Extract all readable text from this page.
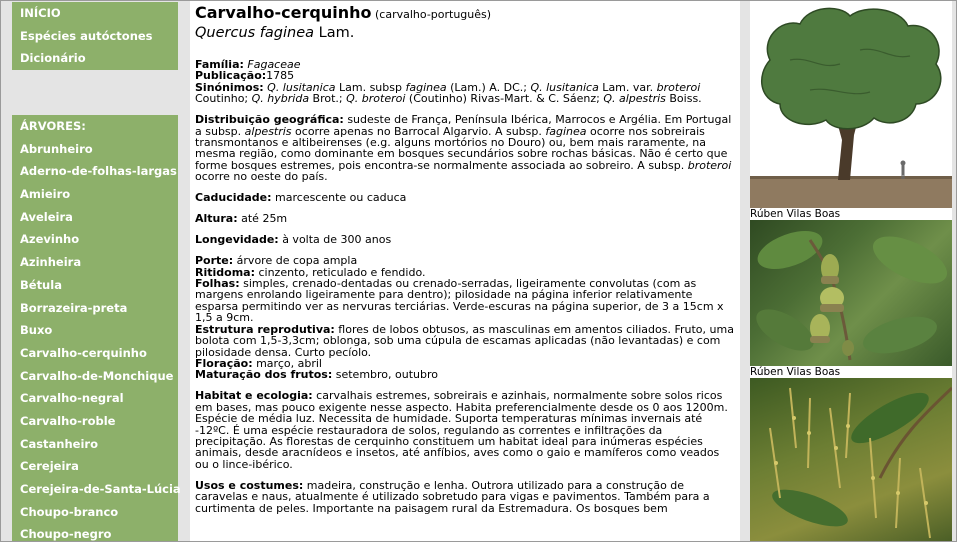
INÍCIO
Espécies autóctones
Dicionário
ÁRVORES:
Abrunheiro
Aderno-de-folhas-largas
Amieiro
Aveleira
Azevinho
Azinheira
Bétula
Borrazeira-preta
Buxo
Carvalho-cerquinho
Carvalho-de-Monchique
Carvalho-negral
Carvalho-roble
Castanheiro
Cerejeira
Cerejeira-de-Santa-Lúcia
Choupo-branco
Choupo-negro
Carvalho-cerquinho (carvalho-português)
Quercus faginea Lam.

Família: Fagaceae
Publicação:1785
Sinónimos: Q. lusitanica Lam. subsp faginea (Lam.) A. DC.; Q. lusitanica Lam. var. broteroi Coutinho; Q. hybrida Brot.; Q. broteroi (Coutinho) Rivas-Mart. & C. Sáenz; Q. alpestris Boiss.

Distribuição geográfica: sudeste de França, Península Ibérica, Marrocos e Argélia. Em Portugal a subsp. alpestris ocorre apenas no Barrocal Algarvio. A subsp. faginea ocorre nos sobreirais transmontanos e altibeirenses (e.g. alguns mortórios no Douro) ou, bem mais raramente, na mesma região, como dominante em bosques secundários sobre rochas básicas. Não é certo que forme bosques estremes, pois encontra-se normalmente associada ao sobreiro. A subsp. broteroi ocorre no oeste do país.

Caducidade: marcescente ou caduca

Altura: até 25m

Longevidade: à volta de 300 anos

Porte: árvore de copa ampla
Ritidoma: cinzento, reticulado e fendido.
Folhas: simples, crenado-dentadas ou crenado-serradas, ligeiramente convolutas (com as margens enrolando ligeiramente para dentro); pilosidade na página inferior relativamente esparsa permitindo ver as nervuras terciárias. Verde-escuras na página superior, de 3 a 15cm x 1,5 a 9cm.
Estrutura reprodutiva: flores de lobos obtusos, as masculinas em amentos ciliados. Fruto, uma bolota com 1,5-3,3cm; oblonga, sob uma cúpula de escamas aplicadas (não levantadas) e com pilosidade densa. Curto pecíolo.
Floração: março, abril
Maturação dos frutos: setembro, outubro

Habitat e ecologia: carvalhais estremes, sobreirais e azinhais, normalmente sobre solos ricos em bases, mas pouco exigente nesse aspecto. Habita preferencialmente desde os 0 aos 1200m. Espécie de média luz. Necessita de humidade. Suporta temperaturas mínimas invernais até -12ºC. É uma espécie restauradora de solos, regulando as correntes e infiltrações da precipitação. As florestas de cerquinho constituem um habitat ideal para inúmeras espécies animais, desde aracnídeos e insetos, até anfíbios, aves como o gaio e mamíferos como veados ou o lince-ibérico.

Usos e costumes: madeira, construção e lenha. Outrora utilizado para a construção de caravelas e naus, atualmente é utilizado sobretudo para vigas e pavimentos. Também para a curtimenta de peles. Importante na paisagem rural da Estremadura. Os bosques bem

Rúben Vilas Boas
Rúben Vilas Boas
